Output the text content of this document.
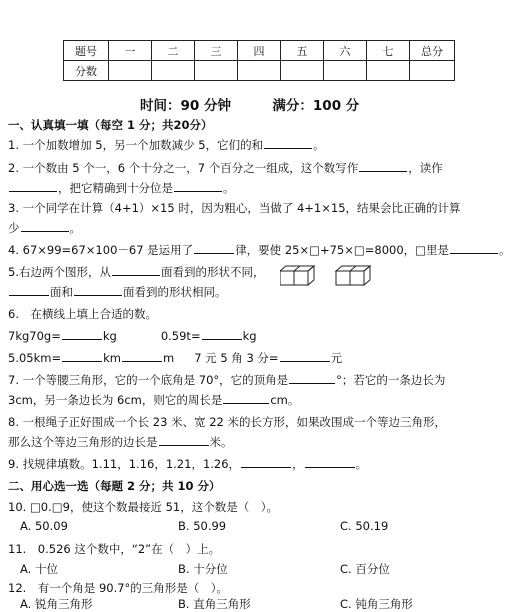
题号	一	二	三	四	五	六	七	总分
分数								
时间：90 分钟	满分：100 分
一、认真填一填（每空 1 分；共20分）
1. 一个加数增加 5，另一个加数减少 5，它们的和	。
2. 一个数由 5 个一，6 个十分之一，7 个百分之一组成，这个数写作	，读作
，把它精确到十分位是	。
3. 一个同学在计算（4+1）×15 时，因为粗心，当做了 4+1×15，结果会比正确的计算
少	。
4. 67×99=67×100－67 是运用了	律，要使 25×□+75×□=8000，□里是	。
5.右边两个图形，从	面看到的形状不同，
面和	面看到的形状相同。
6.　在横线上填上合适的数。
7kg70g=	kg	0.59t=	kg
5.05km=	km	m 7 元 5 角 3 分=	元
7. 一个等腰三角形，它的一个底角是 70°，它的顶角是	°；若它的一条边长为
3cm，另一条边长为 6cm，则它的周长是	cm。
8. 一根绳子正好围成一个长 23 米、宽 22 米的长方形，如果改围成一个等边三角形，
那么这个等边三角形的边长是	米。
9. 找规律填数。1.11，1.16，1.21，1.26，	，	。
二、用心选一选（每题 2 分；共 10 分）
10. □0.□9，使这个数最接近 51，这个数是（　）。
A. 50.09	B. 50.99	C. 50.19
11.　0.526 这个数中，“2”在（　）上。
A. 十位	B. 十分位	C. 百分位
12.　有一个角是 90.7°的三角形是（　）。
A. 锐角三角形	B. 直角三角形	C. 钝角三角形
